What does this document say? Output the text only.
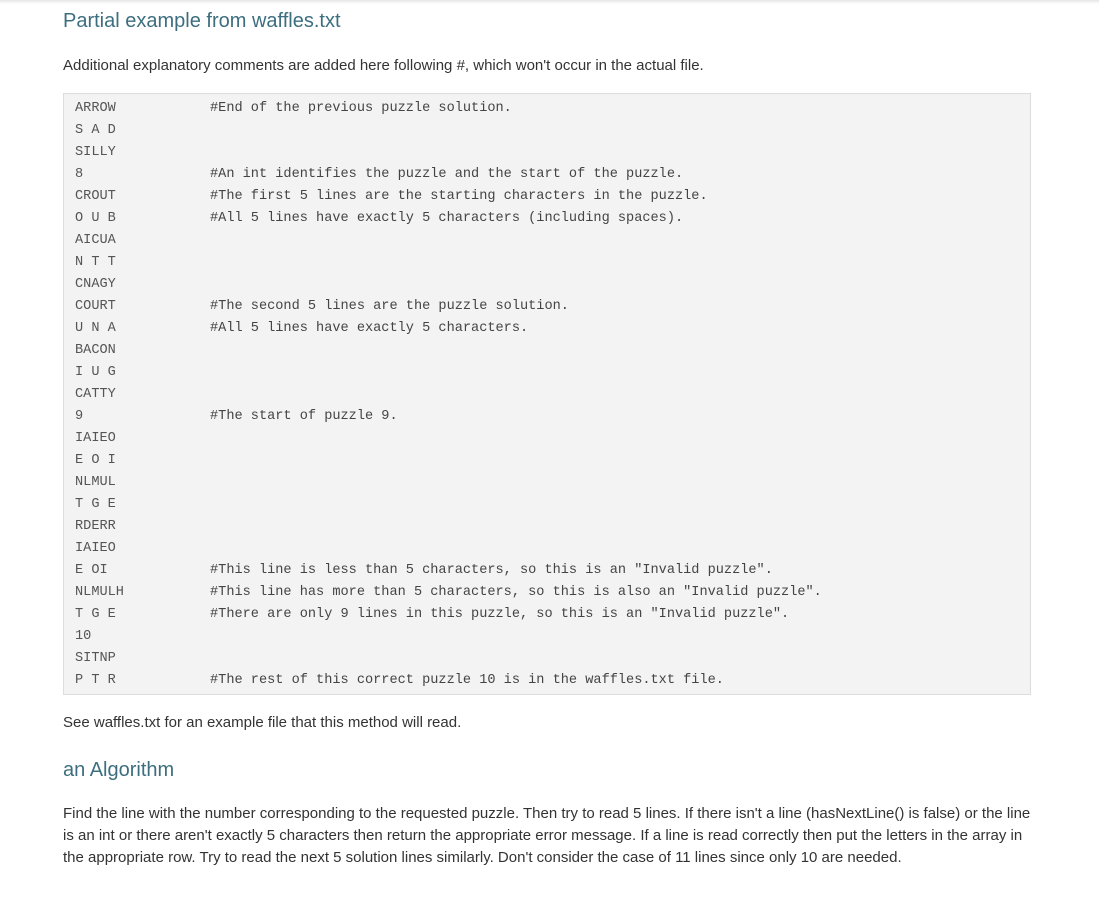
Partial example from waffles.txt

Additional explanatory comments are added here following #, which won't occur in the actual file.

ARROW	#End of the previous puzzle solution.
S A D
SILLY
8	#An int identifies the puzzle and the start of the puzzle.
CROUT	#The first 5 lines are the starting characters in the puzzle.
O U B	#All 5 lines have exactly 5 characters (including spaces).
AICUA
N T T
CNAGY
COURT	#The second 5 lines are the puzzle solution.
U N A	#All 5 lines have exactly 5 characters.
BACON
I U G
CATTY
9	#The start of puzzle 9.
IAIEO
E O I
NLMUL
T G E
RDERR
IAIEO
E OI	#This line is less than 5 characters, so this is an "Invalid puzzle".
NLMULH	#This line has more than 5 characters, so this is also an "Invalid puzzle".
T G E	#There are only 9 lines in this puzzle, so this is an "Invalid puzzle".
10
SITNP
P T R	#The rest of this correct puzzle 10 is in the waffles.txt file.

See waffles.txt for an example file that this method will read.

an Algorithm

Find the line with the number corresponding to the requested puzzle. Then try to read 5 lines. If there isn't a line (hasNextLine() is false) or the line is an int or there aren't exactly 5 characters then return the appropriate error message. If a line is read correctly then put the letters in the array in the appropriate row. Try to read the next 5 solution lines similarly. Don't consider the case of 11 lines since only 10 are needed.
